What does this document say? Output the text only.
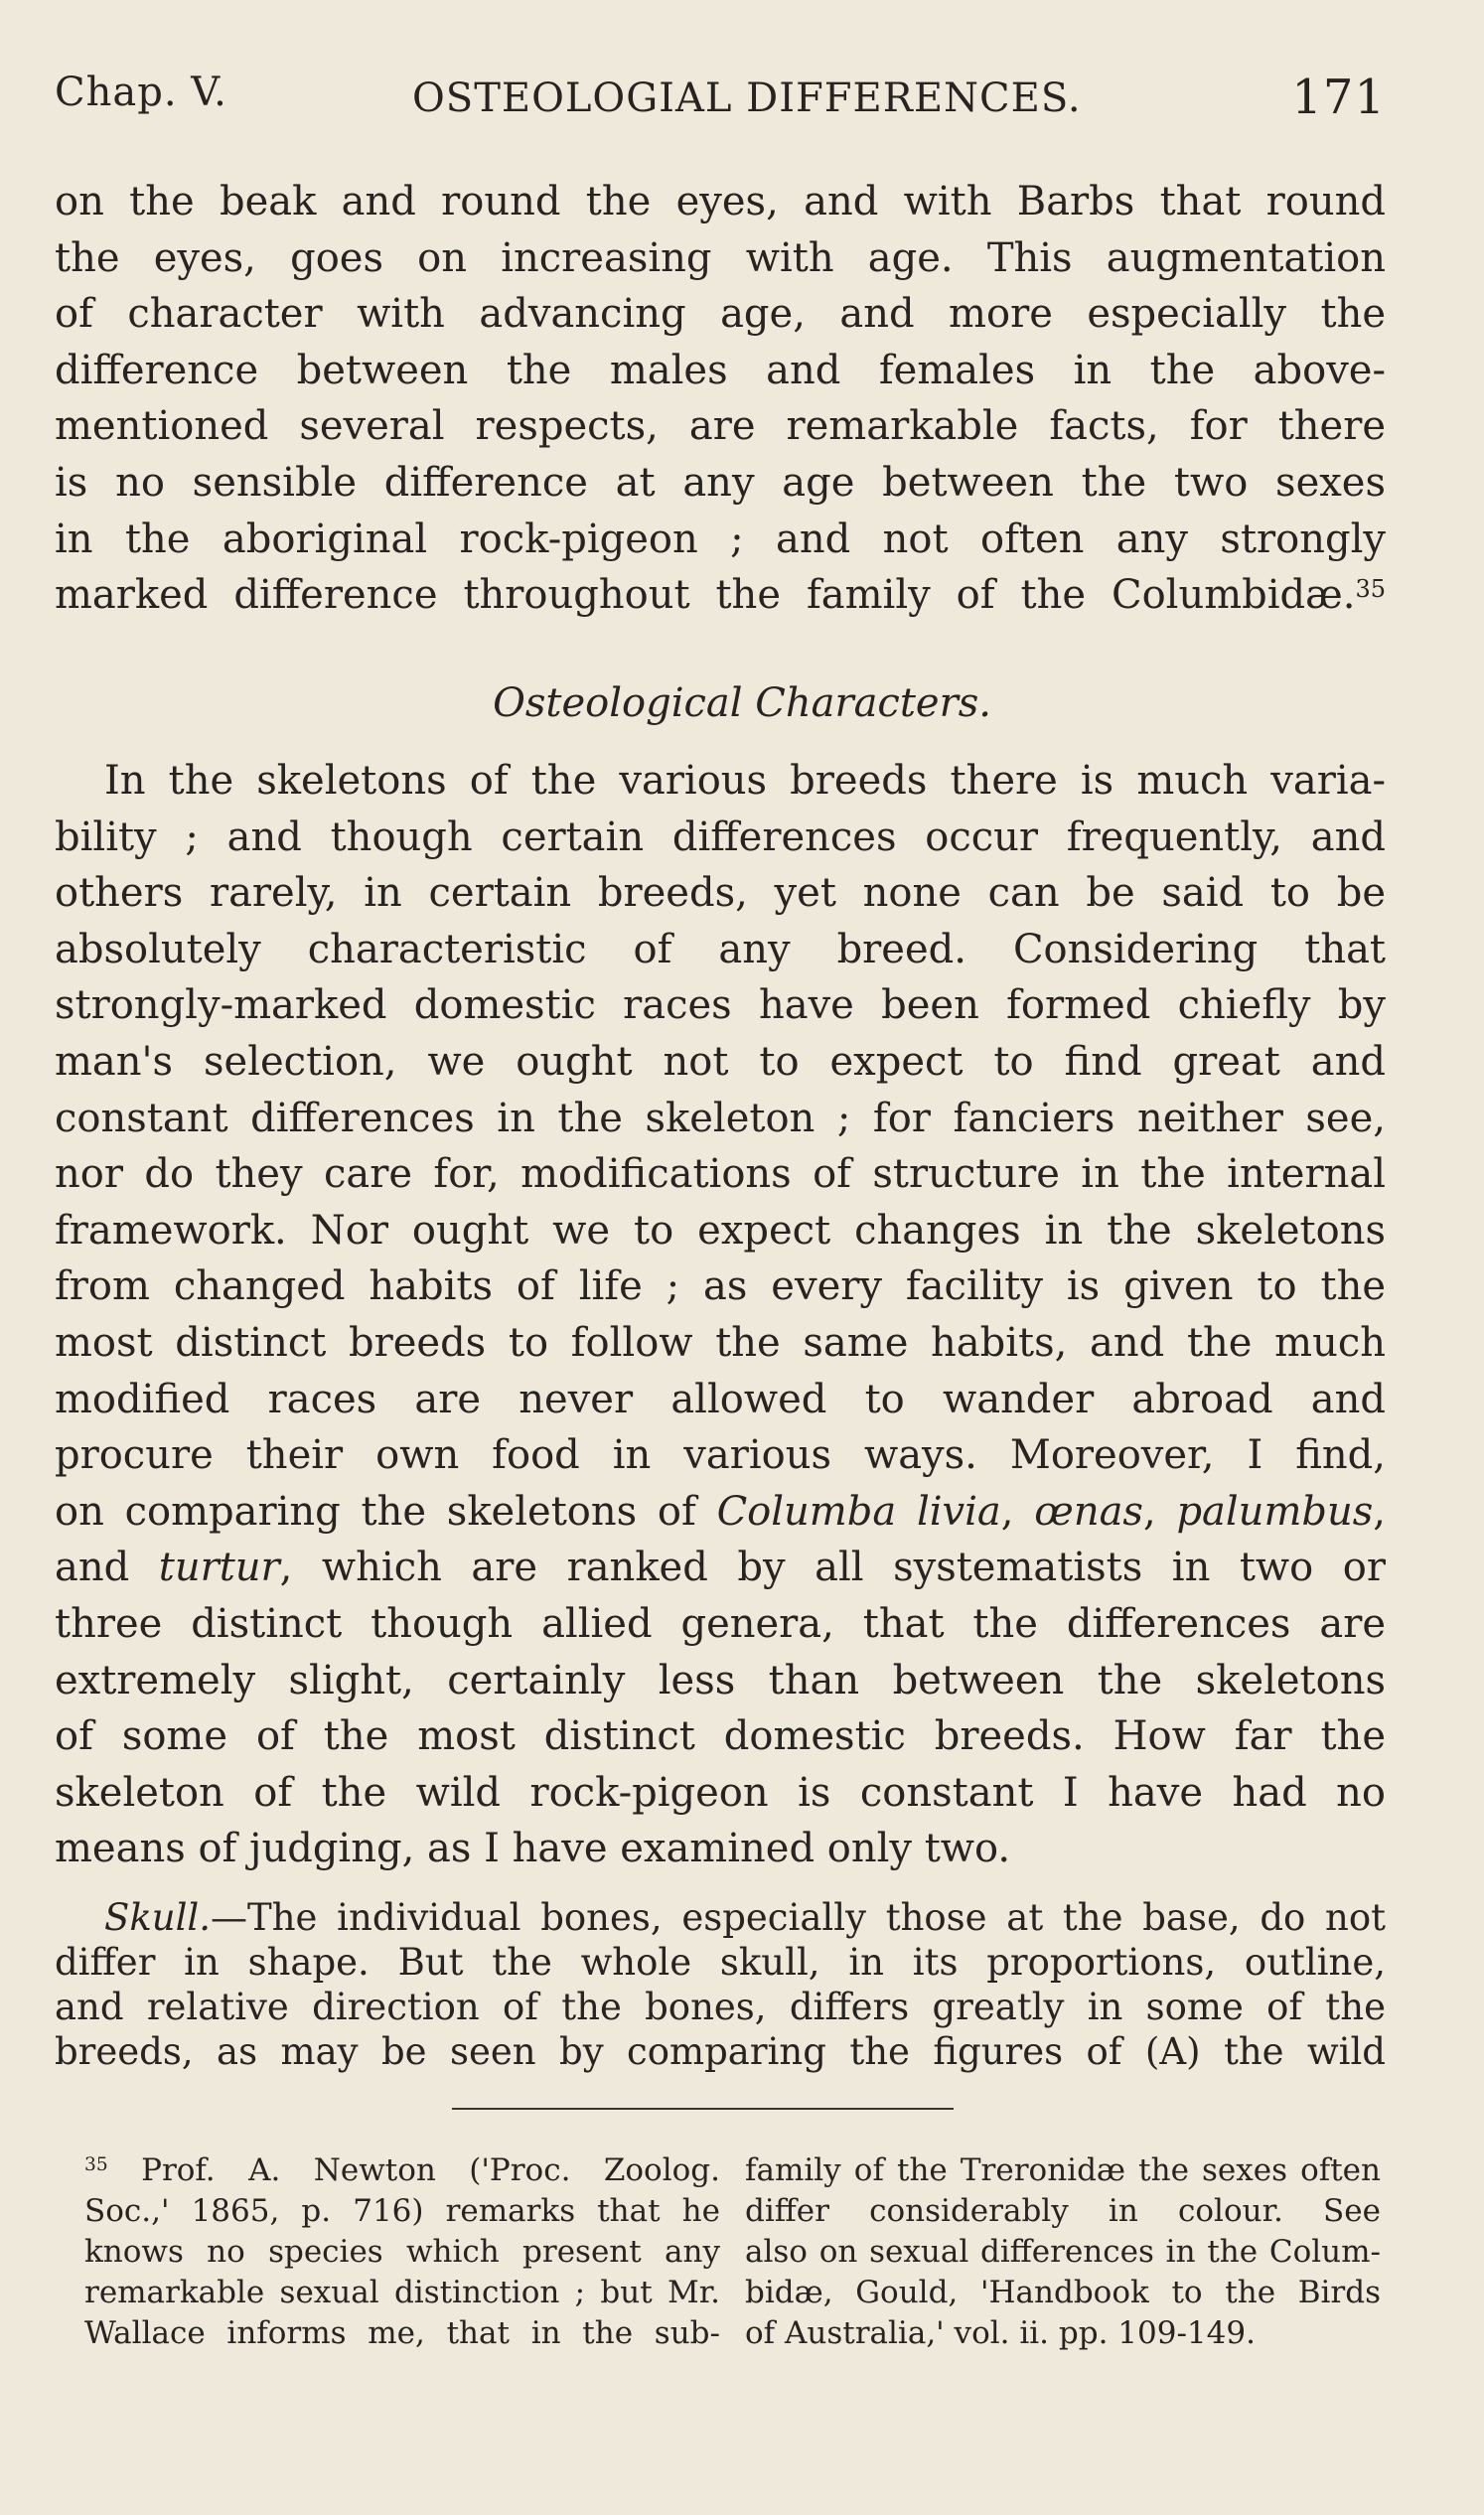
Chap. V.	OSTEOLOGIAL DIFFERENCES.	171
on the beak and round the eyes, and with Barbs that round
the eyes, goes on increasing with age. This augmentation
of character with advancing age, and more especially the
difference between the males and females in the above-
mentioned several respects, are remarkable facts, for there
is no sensible difference at any age between the two sexes
in the aboriginal rock-pigeon ; and not often any strongly
marked difference throughout the family of the Columbidæ.$^{35}$
Osteological Characters.
In the skeletons of the various breeds there is much varia-
bility ; and though certain differences occur frequently, and
others rarely, in certain breeds, yet none can be said to be
absolutely characteristic of any breed. Considering that
strongly-marked domestic races have been formed chiefly by
man's selection, we ought not to expect to find great and
constant differences in the skeleton ; for fanciers neither see,
nor do they care for, modifications of structure in the internal
framework. Nor ought we to expect changes in the skeletons
from changed habits of life ; as every facility is given to the
most distinct breeds to follow the same habits, and the much
modified races are never allowed to wander abroad and
procure their own food in various ways. Moreover, I find,
on comparing the skeletons of Columba livia, œnas, palumbus,
and turtur, which are ranked by all systematists in two or
three distinct though allied genera, that the differences are
extremely slight, certainly less than between the skeletons
of some of the most distinct domestic breeds. How far the
skeleton of the wild rock-pigeon is constant I have had no
means of judging, as I have examined only two.
Skull.—The individual bones, especially those at the base, do not
differ in shape. But the whole skull, in its proportions, outline,
and relative direction of the bones, differs greatly in some of the
breeds, as may be seen by comparing the figures of (A) the wild
$^{35}$ Prof. A. Newton ('Proc. Zoolog.
Soc.,' 1865, p. 716) remarks that he
knows no species which present any
remarkable sexual distinction ; but Mr.
Wallace informs me, that in the sub-
family of the Treronidæ the sexes often
differ considerably in colour. See
also on sexual differences in the Colum-
bidæ, Gould, 'Handbook to the Birds
of Australia,' vol. ii. pp. 109-149.
